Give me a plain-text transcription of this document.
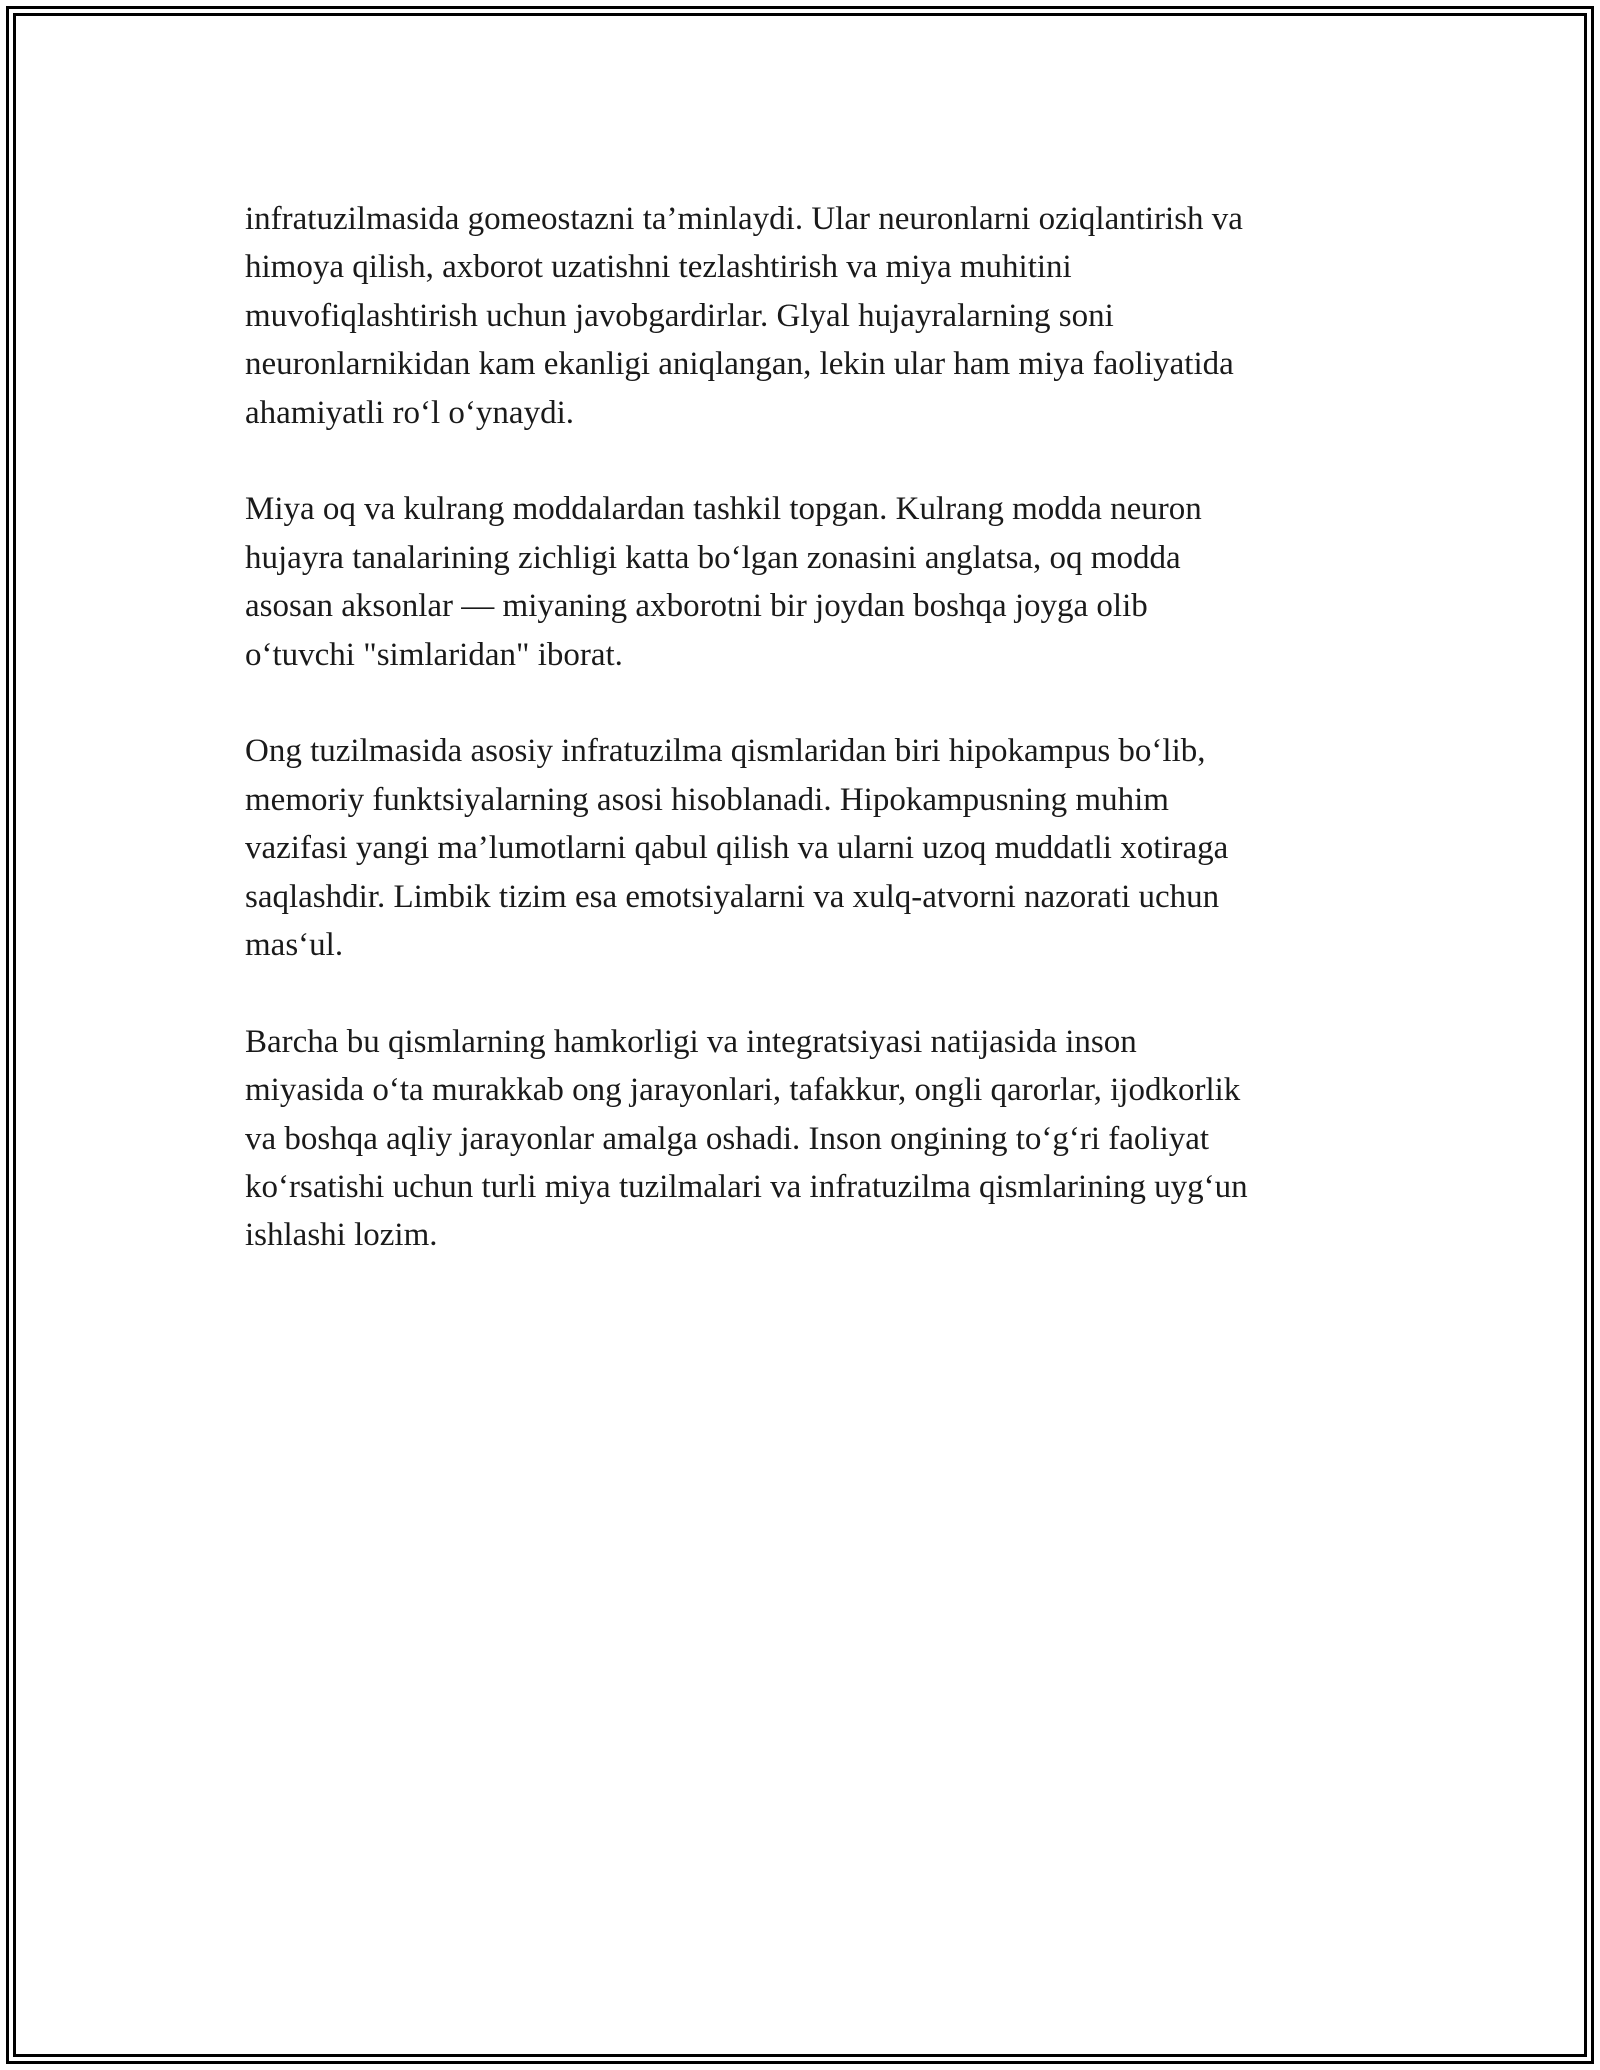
infratuzilmasida gomeostazni ta’minlaydi. Ular neuronlarni oziqlantirish va
himoya qilish, axborot uzatishni tezlashtirish va miya muhitini
muvofiqlashtirish uchun javobgardirlar. Glyal hujayralarning soni
neuronlarnikidan kam ekanligi aniqlangan, lekin ular ham miya faoliyatida
ahamiyatli ro‘l o‘ynaydi.

Miya oq va kulrang moddalardan tashkil topgan. Kulrang modda neuron
hujayra tanalarining zichligi katta bo‘lgan zonasini anglatsa, oq modda
asosan aksonlar — miyaning axborotni bir joydan boshqa joyga olib
o‘tuvchi "simlaridan" iborat.

Ong tuzilmasida asosiy infratuzilma qismlaridan biri hipokampus bo‘lib,
memoriy funktsiyalarning asosi hisoblanadi. Hipokampusning muhim
vazifasi yangi ma’lumotlarni qabul qilish va ularni uzoq muddatli xotiraga
saqlashdir. Limbik tizim esa emotsiyalarni va xulq-atvorni nazorati uchun
mas‘ul.

Barcha bu qismlarning hamkorligi va integratsiyasi natijasida inson
miyasida o‘ta murakkab ong jarayonlari, tafakkur, ongli qarorlar, ijodkorlik
va boshqa aqliy jarayonlar amalga oshadi. Inson ongining to‘g‘ri faoliyat
ko‘rsatishi uchun turli miya tuzilmalari va infratuzilma qismlarining uyg‘un
ishlashi lozim.
